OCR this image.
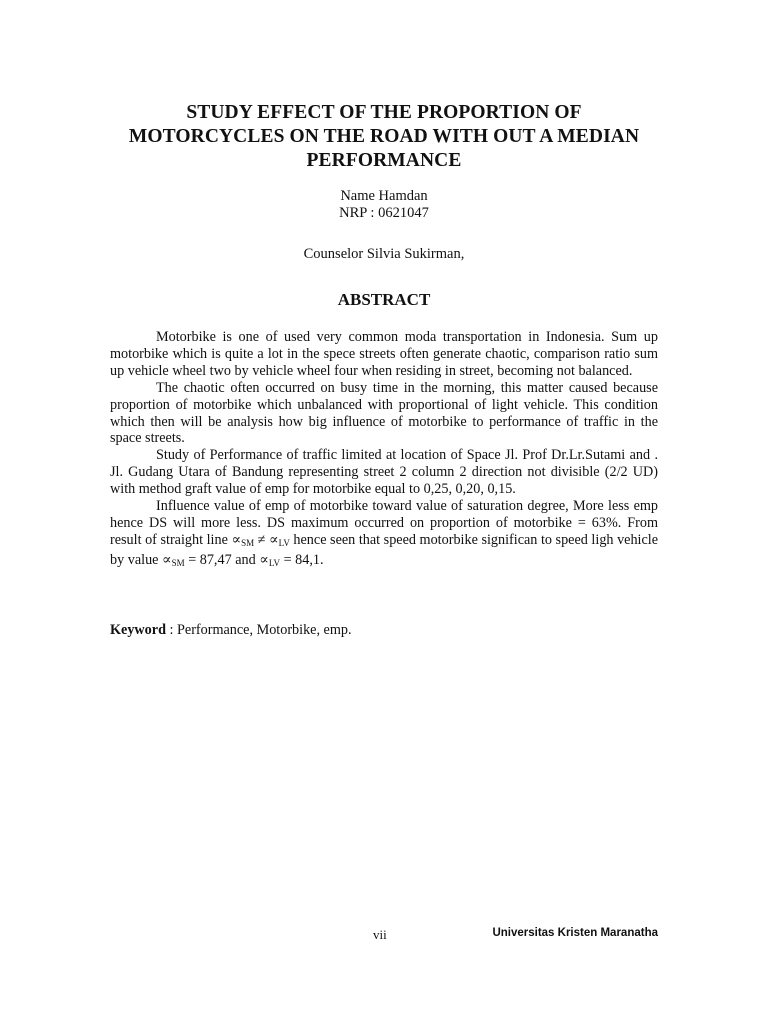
STUDY EFFECT OF THE PROPORTION OF
MOTORCYCLES ON THE ROAD WITH OUT A MEDIAN
PERFORMANCE
Name Hamdan
NRP : 0621047
Counselor Silvia Sukirman,
ABSTRACT

Motorbike is one of used very common moda transportation in Indonesia. Sum up motorbike which is quite a lot in the spece streets often generate chaotic, comparison ratio sum up vehicle wheel two by vehicle wheel four when residing in street, becoming not balanced.

The chaotic often occurred on busy time in the morning, this matter caused because proportion of motorbike which unbalanced with proportional of light vehicle. This condition which then will be analysis how big influence of motorbike to performance of traffic in the space streets.

Study of Performance of traffic limited at location of Space Jl. Prof Dr.Lr.Sutami and . Jl. Gudang Utara of Bandung representing street 2 column 2 direction not divisible (2/2 UD) with method graft value of emp for motorbike equal to 0,25, 0,20, 0,15.

Influence value of emp of motorbike toward value of saturation degree, More less emp hence DS will more less. DS maximum occurred on proportion of motorbike = 63%. From result of straight line $\propto_{SM} \ne \propto_{LV}$ hence seen that speed motorbike significan to speed ligh vehicle by value $\propto_{SM} = 87,47$ and $\propto_{LV} = 84,1$.

Keyword : Performance, Motorbike, emp.

vii	Universitas Kristen Maranatha
